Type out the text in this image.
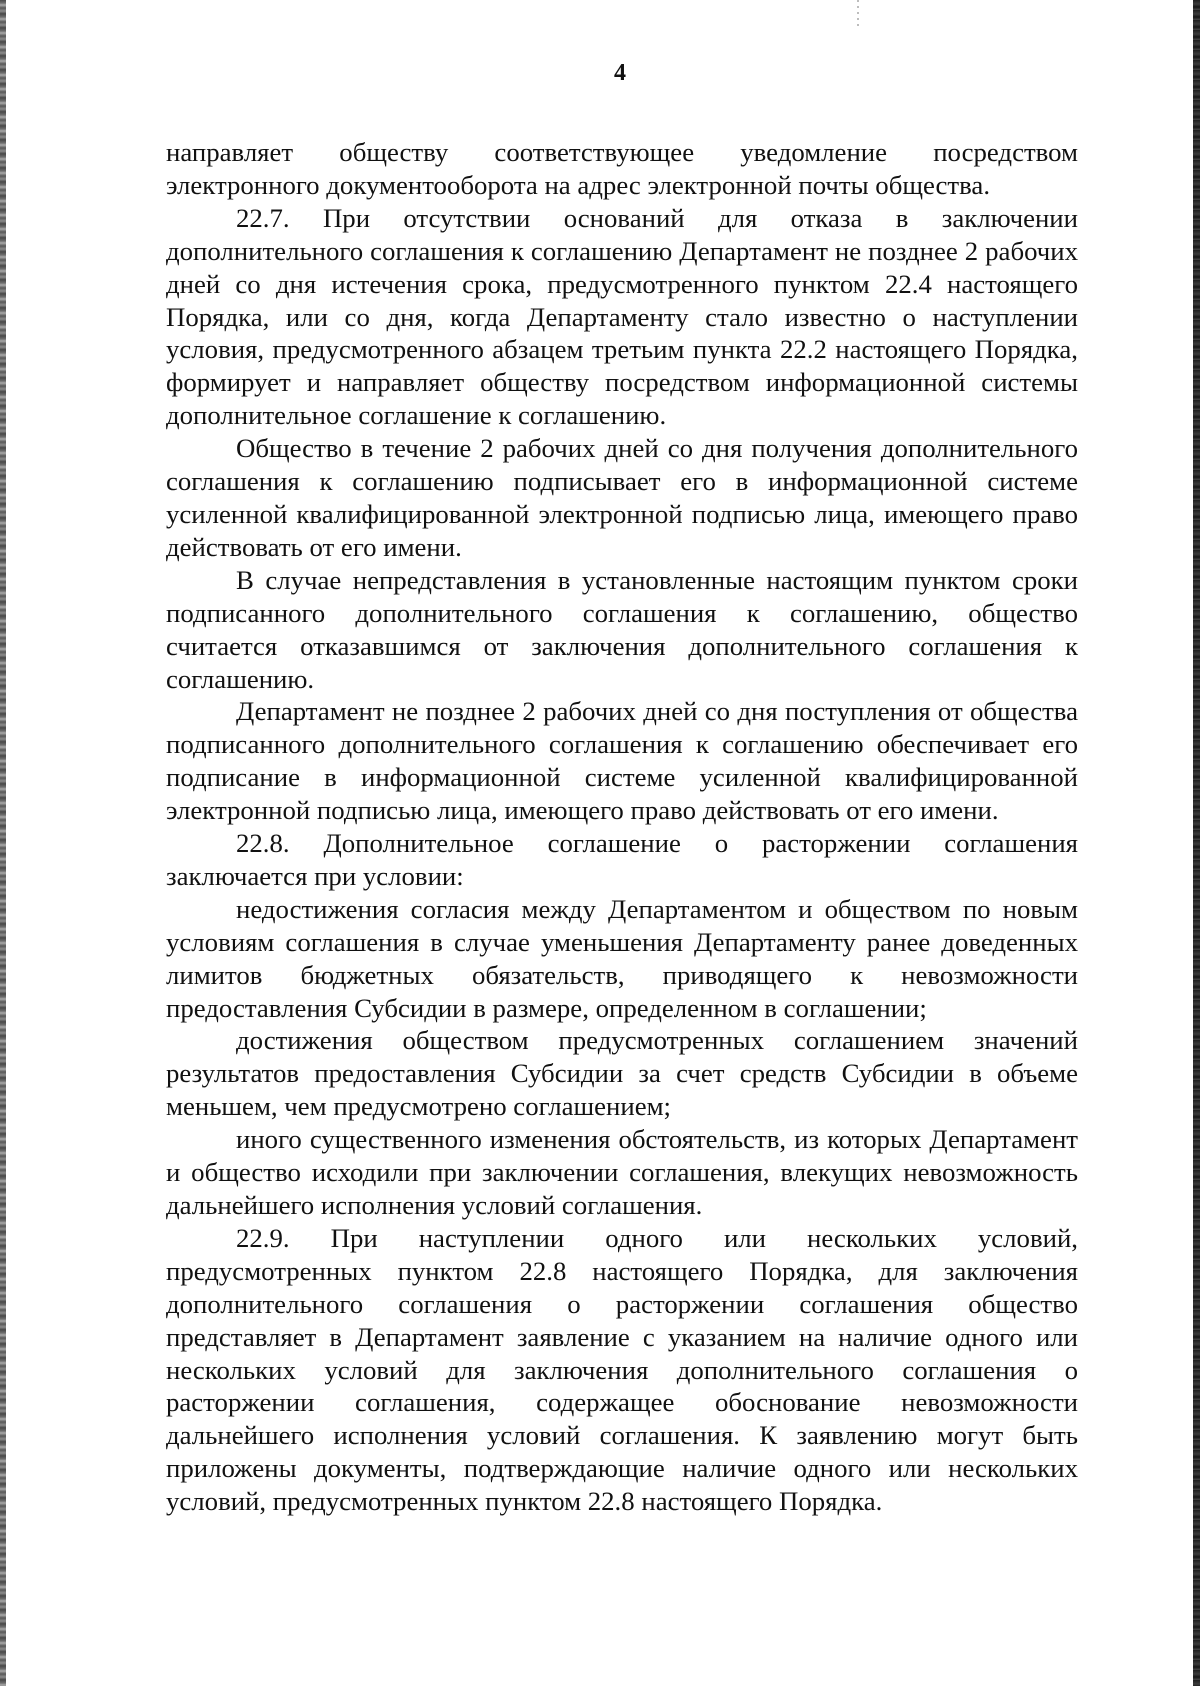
4

направляет обществу соответствующее уведомление посредством электронного документооборота на адрес электронной почты общества.

22.7. При отсутствии оснований для отказа в заключении дополнительного соглашения к соглашению Департамент не позднее 2 рабочих дней со дня истечения срока, предусмотренного пунктом 22.4 настоящего Порядка, или со дня, когда Департаменту стало известно о наступлении условия, предусмотренного абзацем третьим пункта 22.2 настоящего Порядка, формирует и направляет обществу посредством информационной системы дополнительное соглашение к соглашению.

Общество в течение 2 рабочих дней со дня получения дополнительного соглашения к соглашению подписывает его в информационной системе усиленной квалифицированной электронной подписью лица, имеющего право действовать от его имени.

В случае непредставления в установленные настоящим пунктом сроки подписанного дополнительного соглашения к соглашению, общество считается отказавшимся от заключения дополнительного соглашения к соглашению.

Департамент не позднее 2 рабочих дней со дня поступления от общества подписанного дополнительного соглашения к соглашению обеспечивает его подписание в информационной системе усиленной квалифицированной электронной подписью лица, имеющего право действовать от его имени.

22.8. Дополнительное соглашение о расторжении соглашения заключается при условии:

недостижения согласия между Департаментом и обществом по новым условиям соглашения в случае уменьшения Департаменту ранее доведенных лимитов бюджетных обязательств, приводящего к невозможности предоставления Субсидии в размере, определенном в соглашении;

достижения обществом предусмотренных соглашением значений результатов предоставления Субсидии за счет средств Субсидии в объеме меньшем, чем предусмотрено соглашением;

иного существенного изменения обстоятельств, из которых Департамент и общество исходили при заключении соглашения, влекущих невозможность дальнейшего исполнения условий соглашения.

22.9. При наступлении одного или нескольких условий, предусмотренных пунктом 22.8 настоящего Порядка, для заключения дополнительного соглашения о расторжении соглашения общество представляет в Департамент заявление с указанием на наличие одного или нескольких условий для заключения дополнительного соглашения о расторжении соглашения, содержащее обоснование невозможности дальнейшего исполнения условий соглашения. К заявлению могут быть приложены документы, подтверждающие наличие одного или нескольких условий, предусмотренных пунктом 22.8 настоящего Порядка.
